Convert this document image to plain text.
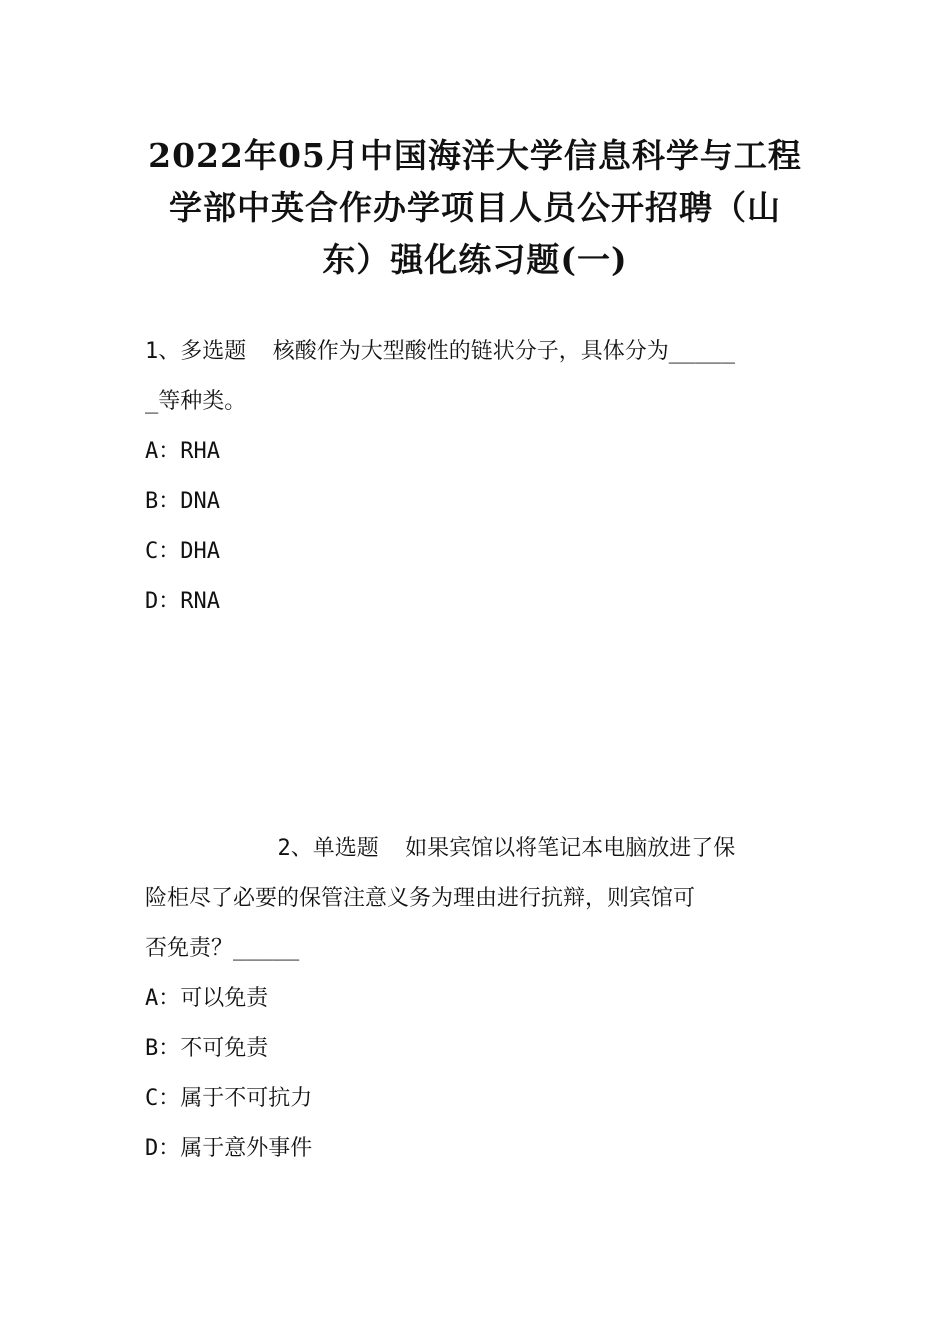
2022年05月中国海洋大学信息科学与工程
学部中英合作办学项目人员公开招聘（山
东）强化练习题(一)
1、多选题  核酸作为大型酸性的链状分子，具体分为_____
_等种类。
A：RHA
B：DNA
C：DHA
D：RNA
2、单选题  如果宾馆以将笔记本电脑放进了保
险柜尽了必要的保管注意义务为理由进行抗辩，则宾馆可
否免责？_____
A：可以免责
B：不可免责
C：属于不可抗力
D：属于意外事件
